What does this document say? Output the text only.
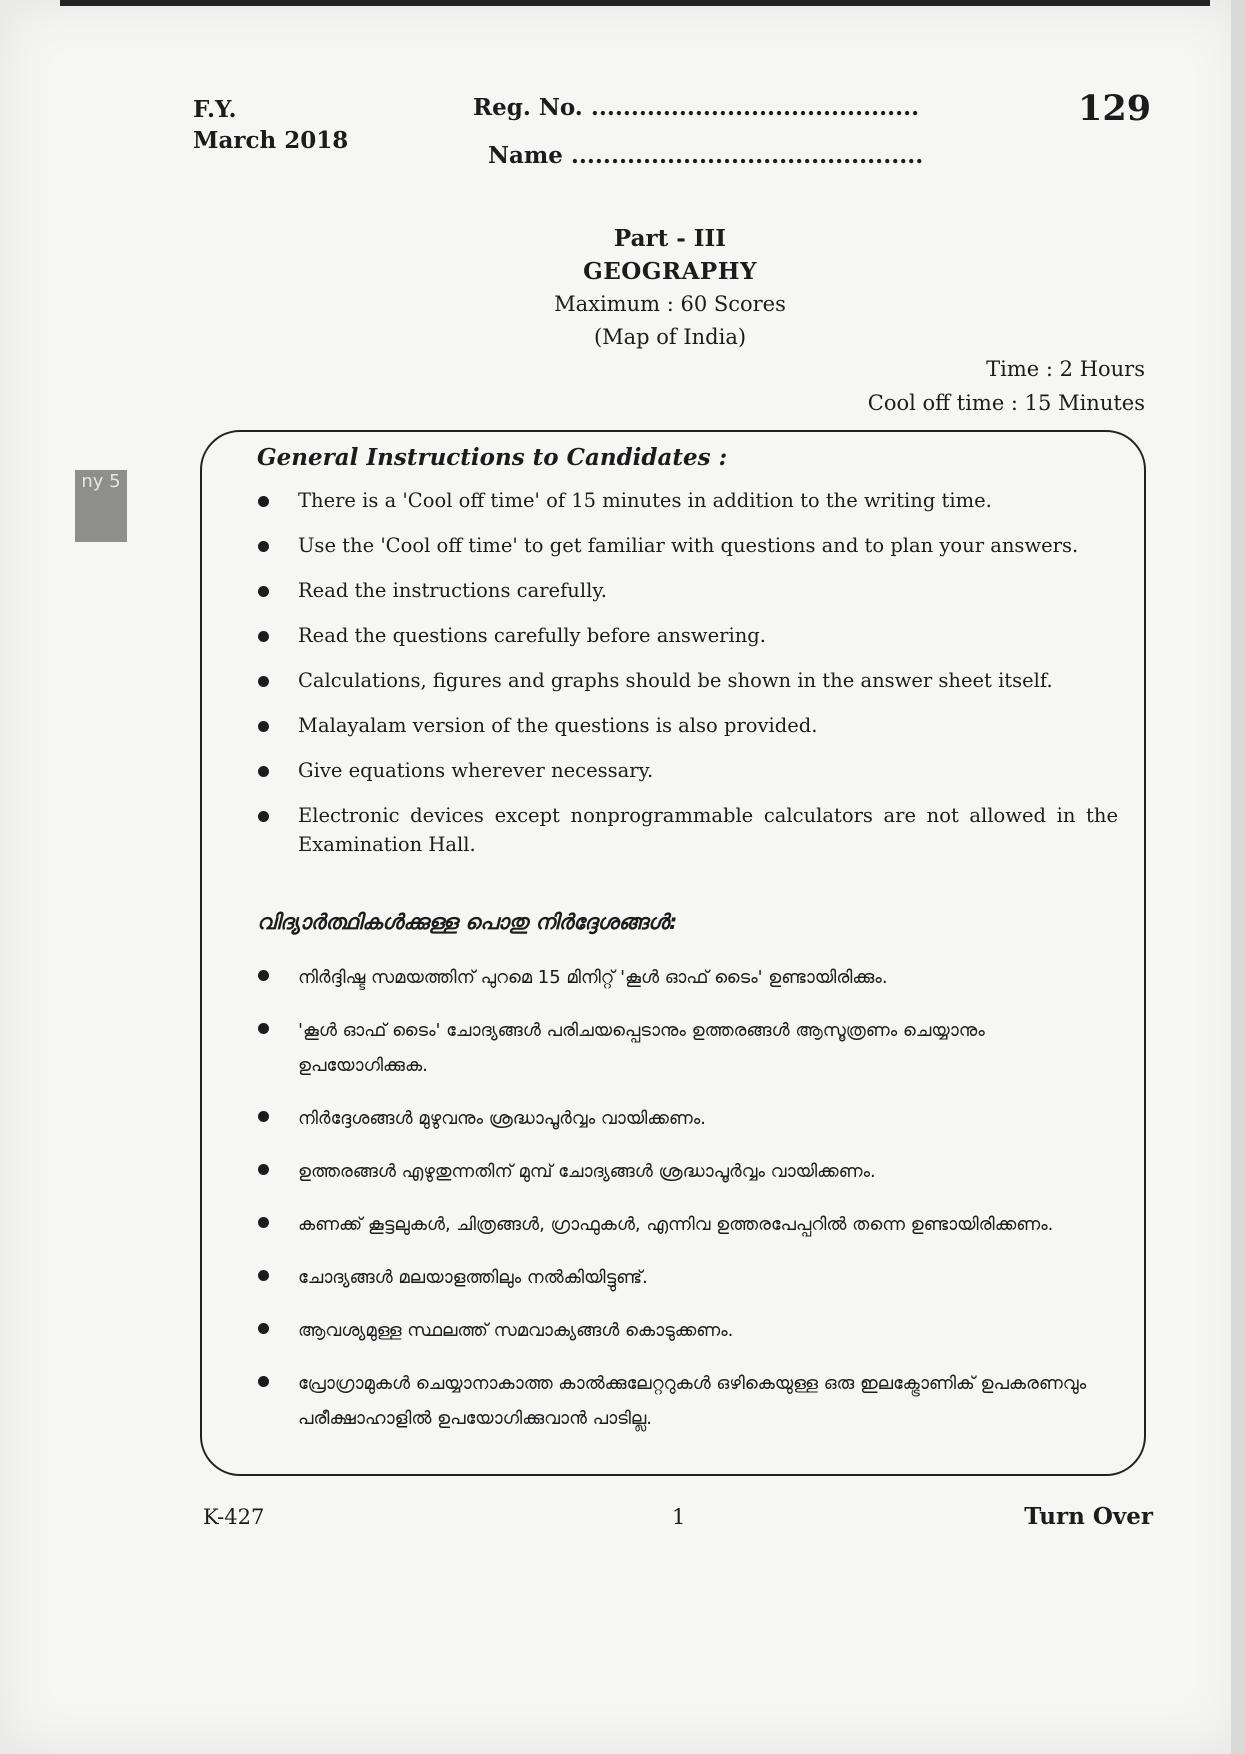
F.Y.
March 2018
Reg. No. .........................................
Name ............................................
129
Part - III
GEOGRAPHY
Maximum : 60 Scores
(Map of India)
Time : 2 Hours
Cool off time : 15 Minutes
ny 5
General Instructions to Candidates :
There is a 'Cool off time' of 15 minutes in addition to the writing time.
Use the 'Cool off time' to get familiar with questions and to plan your answers.
Read the instructions carefully.
Read the questions carefully before answering.
Calculations, figures and graphs should be shown in the answer sheet itself.
Malayalam version of the questions is also provided.
Give equations wherever necessary.
Electronic devices except nonprogrammable calculators are not allowed in the Examination Hall.
വിദ്യാർത്ഥികൾക്കുള്ള പൊതു നിർദ്ദേശങ്ങൾ:
നിർദ്ദിഷ്ട സമയത്തിന് പുറമെ 15 മിനിറ്റ് 'കൂൾ ഓഫ് ടൈം' ഉണ്ടായിരിക്കും.
'കൂൾ ഓഫ് ടൈം' ചോദ്യങ്ങൾ പരിചയപ്പെടാനും ഉത്തരങ്ങൾ ആസൂത്രണം ചെയ്യാനും ഉപയോഗിക്കുക.
നിർദ്ദേശങ്ങൾ മുഴുവനും ശ്രദ്ധാപൂർവ്വം വായിക്കണം.
ഉത്തരങ്ങൾ എഴുതുന്നതിന് മുമ്പ് ചോദ്യങ്ങൾ ശ്രദ്ധാപൂർവ്വം വായിക്കണം.
കണക്ക് കൂട്ടലുകൾ, ചിത്രങ്ങൾ, ഗ്രാഫുകൾ, എന്നിവ ഉത്തരപേപ്പറിൽ തന്നെ ഉണ്ടായിരിക്കണം.
ചോദ്യങ്ങൾ മലയാളത്തിലും നൽകിയിട്ടുണ്ട്.
ആവശ്യമുള്ള സ്ഥലത്ത് സമവാക്യങ്ങൾ കൊടുക്കണം.
പ്രോഗ്രാമുകൾ ചെയ്യാനാകാത്ത കാൽക്കുലേറ്ററുകൾ ഒഴികെയുള്ള ഒരു ഇലക്ട്രോണിക് ഉപകരണവും പരീക്ഷാഹാളിൽ ഉപയോഗിക്കുവാൻ പാടില്ല.
K-427	1	Turn Over
